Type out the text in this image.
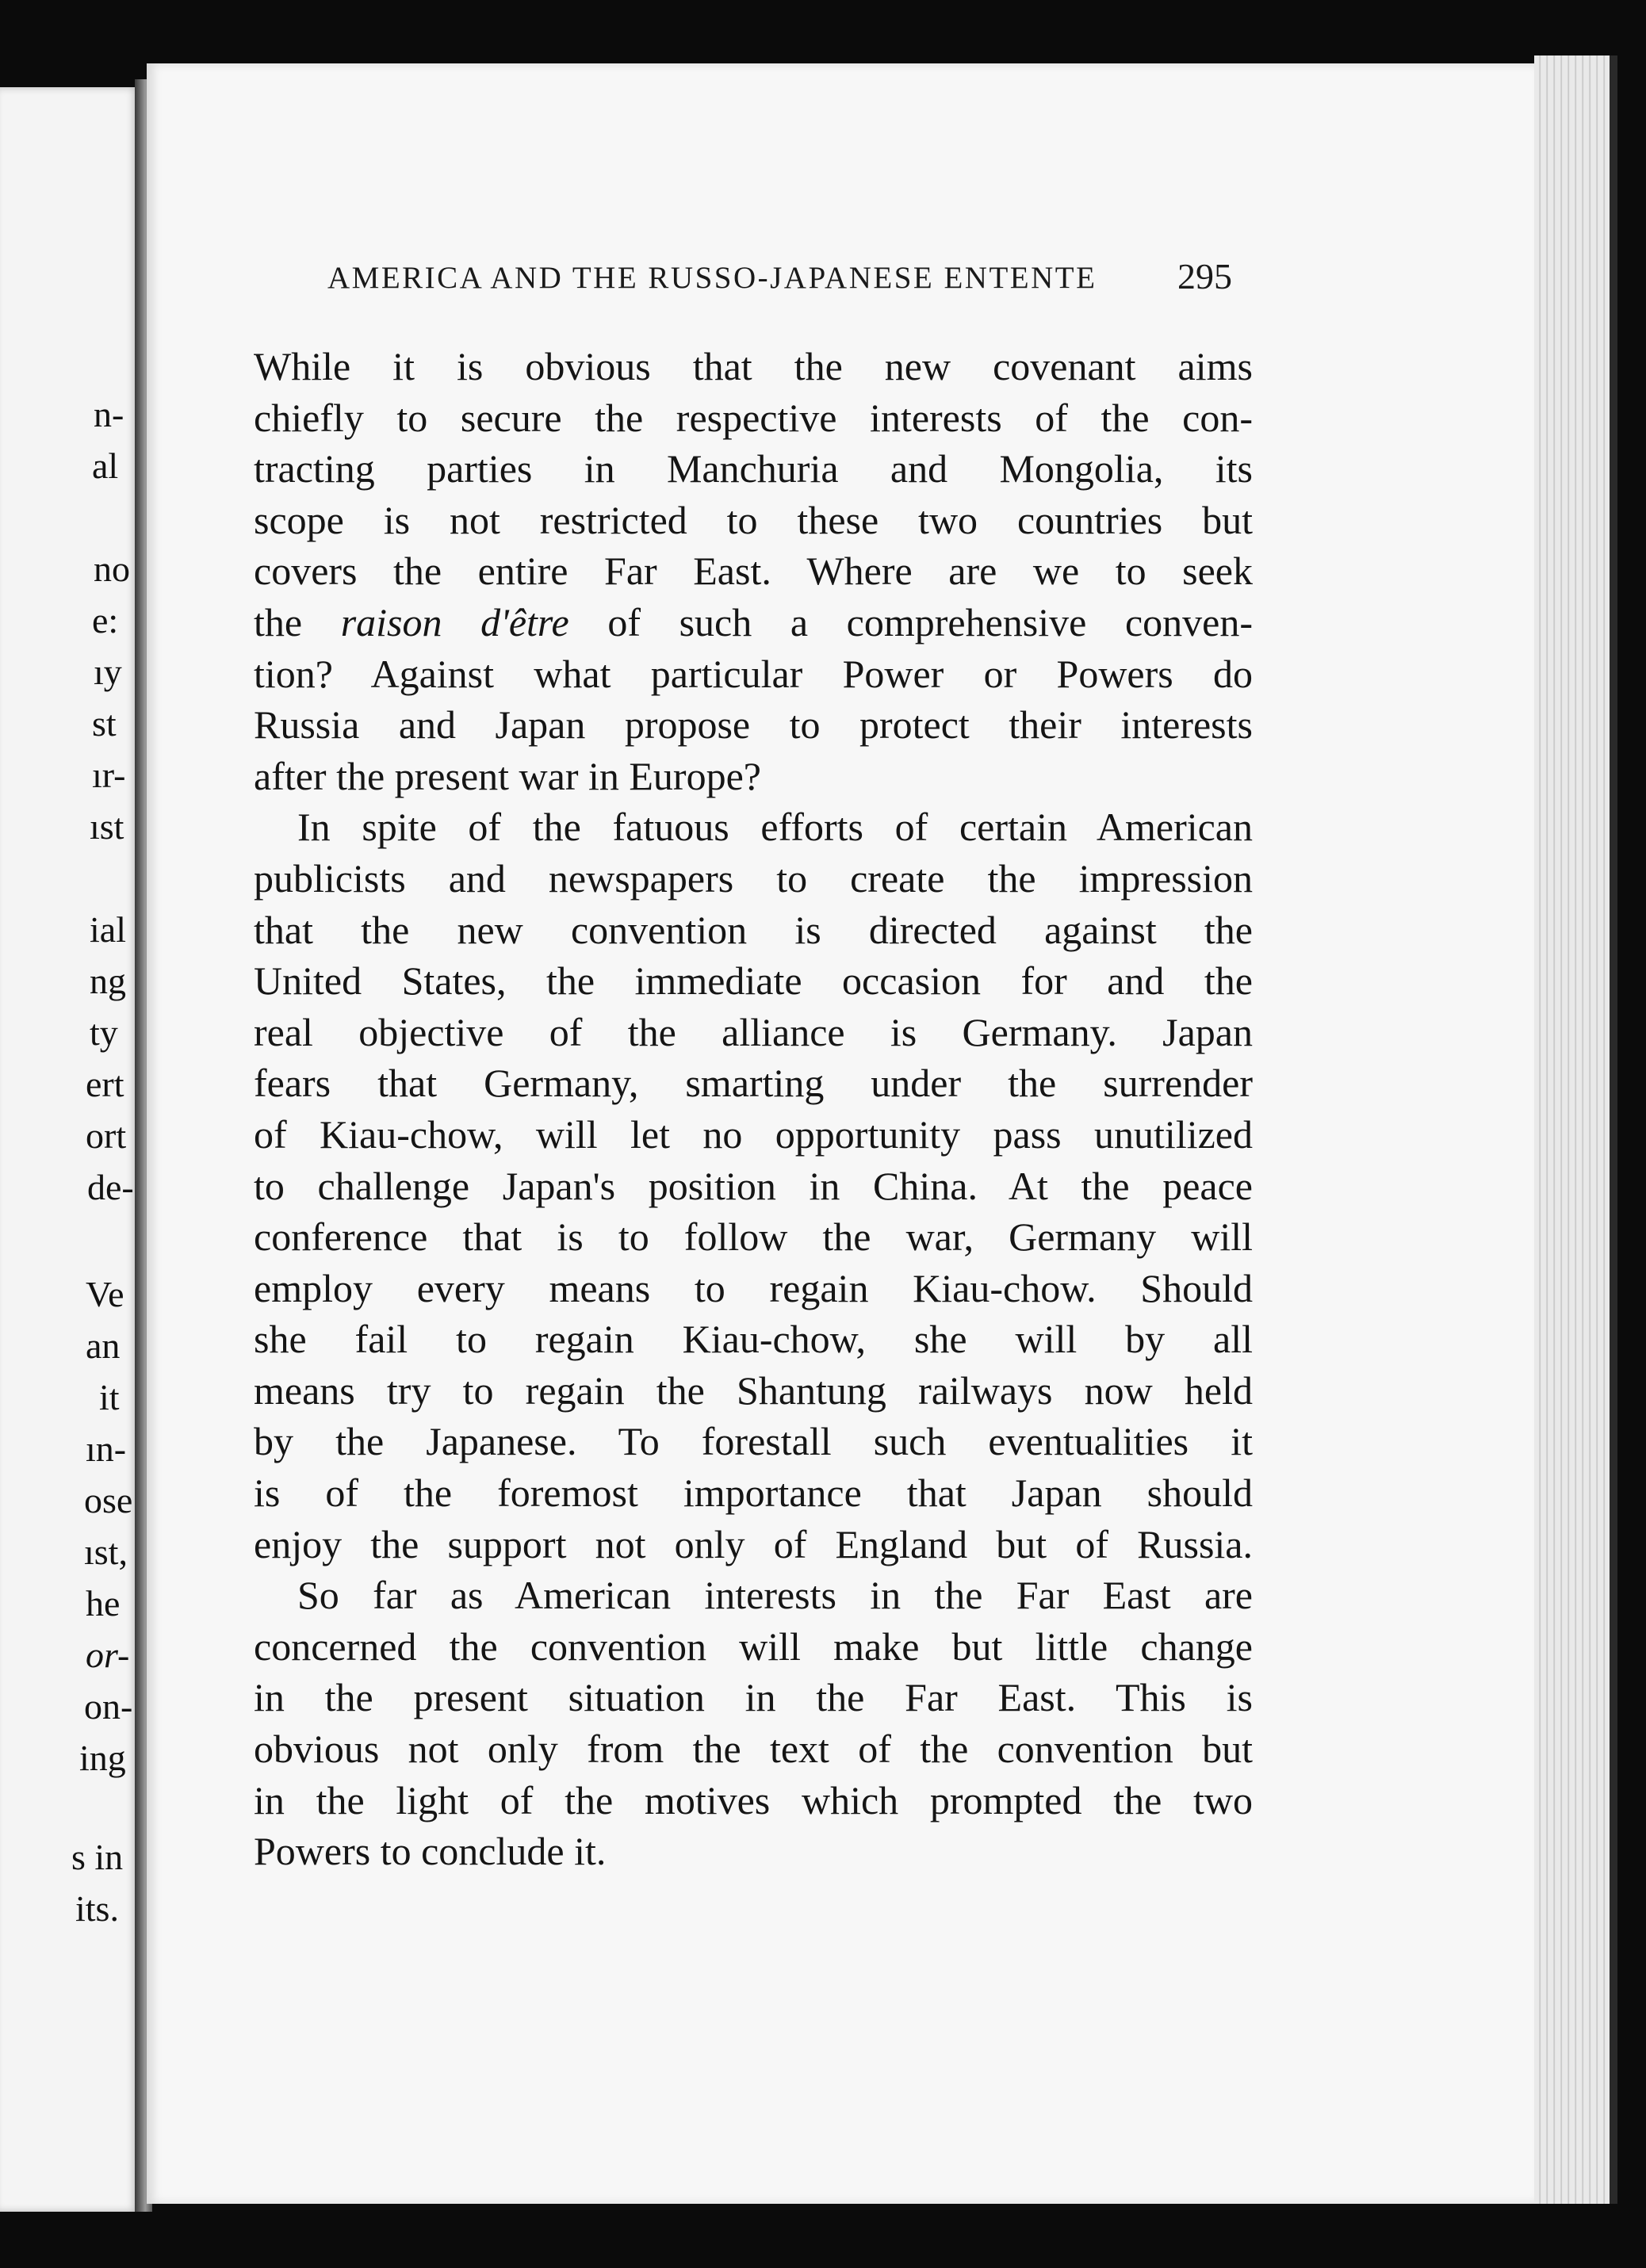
n-
al
no
e:
ıy
st
ır-
ıst
ial
ng
ty
ert
ort
de-
Ve
an
it
ın-
ose
ıst,
he
or-
on-
ing
s in
its.
AMERICA AND THE RUSSO-JAPANESE ENTENTE	295
While it is obvious that the new covenant aims
chiefly to secure the respective interests of the con-
tracting parties in Manchuria and Mongolia, its
scope is not restricted to these two countries but
covers the entire Far East. Where are we to seek
the raison d'être of such a comprehensive conven-
tion? Against what particular Power or Powers do
Russia and Japan propose to protect their interests
after the present war in Europe?
In spite of the fatuous efforts of certain American
publicists and newspapers to create the impression
that the new convention is directed against the
United States, the immediate occasion for and the
real objective of the alliance is Germany. Japan
fears that Germany, smarting under the surrender
of Kiau-chow, will let no opportunity pass unutilized
to challenge Japan's position in China. At the peace
conference that is to follow the war, Germany will
employ every means to regain Kiau-chow. Should
she fail to regain Kiau-chow, she will by all
means try to regain the Shantung railways now held
by the Japanese. To forestall such eventualities it
is of the foremost importance that Japan should
enjoy the support not only of England but of Russia.
So far as American interests in the Far East are
concerned the convention will make but little change
in the present situation in the Far East. This is
obvious not only from the text of the convention but
in the light of the motives which prompted the two
Powers to conclude it.
